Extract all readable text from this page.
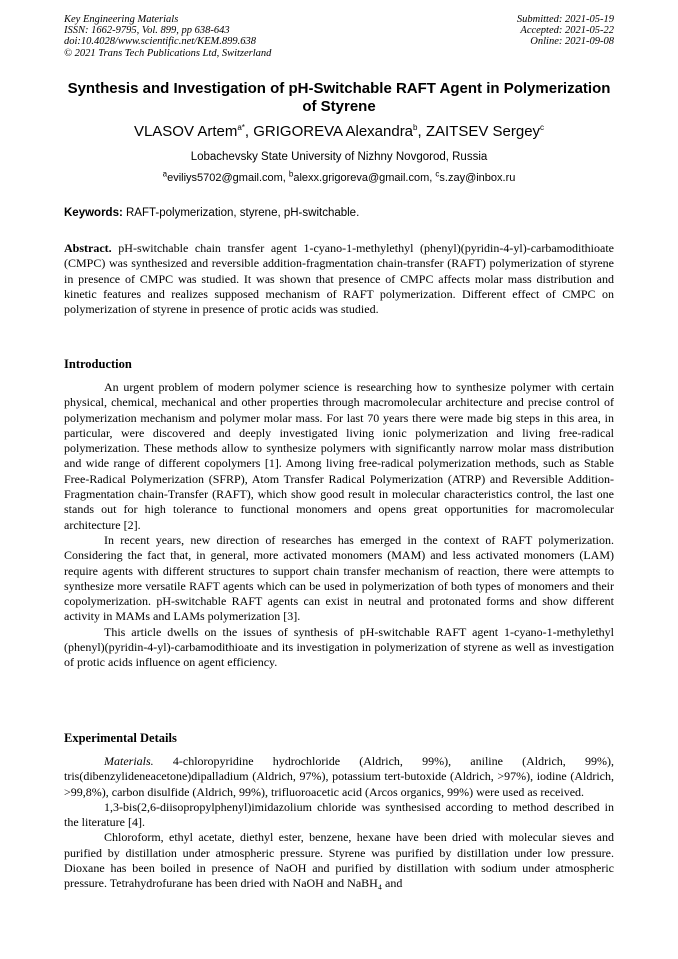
Key Engineering Materials
ISSN: 1662-9795, Vol. 899, pp 638-643
doi:10.4028/www.scientific.net/KEM.899.638
© 2021 Trans Tech Publications Ltd, Switzerland
Submitted: 2021-05-19
Accepted: 2021-05-22
Online: 2021-09-08
Synthesis and Investigation of pH-Switchable RAFT Agent in Polymerization of Styrene
VLASOV Artem$^{a*}$, GRIGOREVA Alexandra$^b$, ZAITSEV Sergey$^c$
Lobachevsky State University of Nizhny Novgorod, Russia
$^a$eviliys5702@gmail.com, $^b$alexx.grigoreva@gmail.com, $^c$s.zay@inbox.ru
Keywords: RAFT-polymerization, styrene, pH-switchable.
Abstract. pH-switchable chain transfer agent 1-cyano-1-methylethyl (phenyl)(pyridin-4-yl)-carbamodithioate (CMPC) was synthesized and reversible addition-fragmentation chain-transfer (RAFT) polymerization of styrene in presence of CMPC was studied. It was shown that presence of CMPC affects molar mass distribution and kinetic features and realizes supposed mechanism of RAFT polymerization. Different effect of CMPC on polymerization of styrene in presence of protic acids was studied.
Introduction

An urgent problem of modern polymer science is researching how to synthesize polymer with certain physical, chemical, mechanical and other properties through macromolecular architecture and precise control of polymerization mechanism and polymer molar mass. For last 70 years there were made big steps in this area, in particular, were discovered and deeply investigated living ionic polymerization and living free-radical polymerization. These methods allow to synthesize polymers with significantly narrow molar mass distribution and wide range of different copolymers [1]. Among living free-radical polymerization methods, such as Stable Free-Radical Polymerization (SFRP), Atom Transfer Radical Polymerization (ATRP) and Reversible Addition-Fragmentation chain-Transfer (RAFT), which show good result in molecular characteristics control, the last one stands out for high tolerance to functional monomers and opens great opportunities for macromolecular architecture [2].

In recent years, new direction of researches has emerged in the context of RAFT polymerization. Considering the fact that, in general, more activated monomers (MAM) and less activated monomers (LAM) require agents with different structures to support chain transfer mechanism of reaction, there were attempts to synthesize more versatile RAFT agents which can be used in polymerization of both types of monomers and their copolymerization. pH-switchable RAFT agents can exist in neutral and protonated forms and show different activity in MAMs and LAMs polymerization [3].

This article dwells on the issues of synthesis of pH-switchable RAFT agent 1-cyano-1-methylethyl (phenyl)(pyridin-4-yl)-carbamodithioate and its investigation in polymerization of styrene as well as investigation of protic acids influence on agent efficiency.

Experimental Details

Materials. 4-chloropyridine hydrochloride (Aldrich, 99%), aniline (Aldrich, 99%), tris(dibenzylideneacetone)dipalladium (Aldrich, 97%), potassium tert-butoxide (Aldrich, >97%), iodine (Aldrich, >99,8%), carbon disulfide (Aldrich, 99%), trifluoroacetic acid (Arcos organics, 99%) were used as received.

1,3-bis(2,6-diisopropylphenyl)imidazolium chloride was synthesised according to method described in the literature [4].

Chloroform, ethyl acetate, diethyl ester, benzene, hexane have been dried with molecular sieves and purified by distillation under atmospheric pressure. Styrene was purified by distillation under low pressure. Dioxane has been boiled in presence of NaOH and purified by distillation with sodium under atmospheric pressure. Tetrahydrofurane has been dried with NaOH and NaBH₄ and
